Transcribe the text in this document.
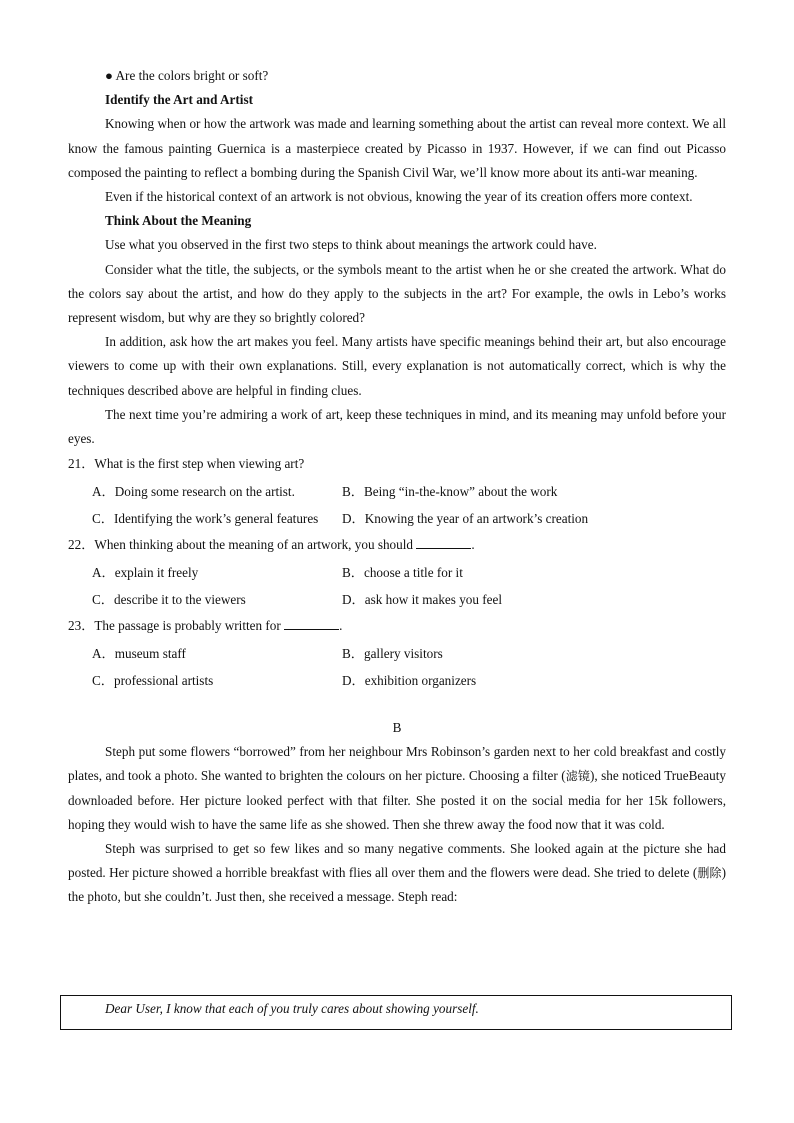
● Are the colors bright or soft?

Identify the Art and Artist

Knowing when or how the artwork was made and learning something about the artist can reveal more context. We all know the famous painting Guernica is a masterpiece created by Picasso in 1937. However, if we can find out Picasso composed the painting to reflect a bombing during the Spanish Civil War, we’ll know more about its anti-war meaning.

Even if the historical context of an artwork is not obvious, knowing the year of its creation offers more context.

Think About the Meaning

Use what you observed in the first two steps to think about meanings the artwork could have.

Consider what the title, the subjects, or the symbols meant to the artist when he or she created the artwork. What do the colors say about the artist, and how do they apply to the subjects in the art? For example, the owls in Lebo’s works represent wisdom, but why are they so brightly colored?

In addition, ask how the art makes you feel. Many artists have specific meanings behind their art, but also encourage viewers to come up with their own explanations. Still, every explanation is not automatically correct, which is why the techniques described above are helpful in finding clues.

The next time you’re admiring a work of art, keep these techniques in mind, and its meaning may unfold before your eyes.

21．What is the first step when viewing art?

A．Doing some research on the artist.	B．Being “in-the-know” about the work
C．Identifying the work’s general features	D．Knowing the year of an artwork’s creation

22．When thinking about the meaning of an artwork, you should	.

A．explain it freely	B．choose a title for it
C．describe it to the viewers	D．ask how it makes you feel

23．The passage is probably written for	.

A．museum staff	B．gallery visitors
C．professional artists	D．exhibition organizers

B

Steph put some flowers “borrowed” from her neighbour Mrs Robinson’s garden next to her cold breakfast and costly plates, and took a photo. She wanted to brighten the colours on her picture. Choosing a filter (滤镜), she noticed TrueBeauty downloaded before. Her picture looked perfect with that filter. She posted it on the social media for her 15k followers, hoping they would wish to have the same life as she showed. Then she threw away the food now that it was cold.

Steph was surprised to get so few likes and so many negative comments. She looked again at the picture she had posted. Her picture showed a horrible breakfast with flies all over them and the flowers were dead. She tried to delete (删除) the photo, but she couldn’t. Just then, she received a message. Steph read:

Dear User, I know that each of you truly cares about showing yourself.
